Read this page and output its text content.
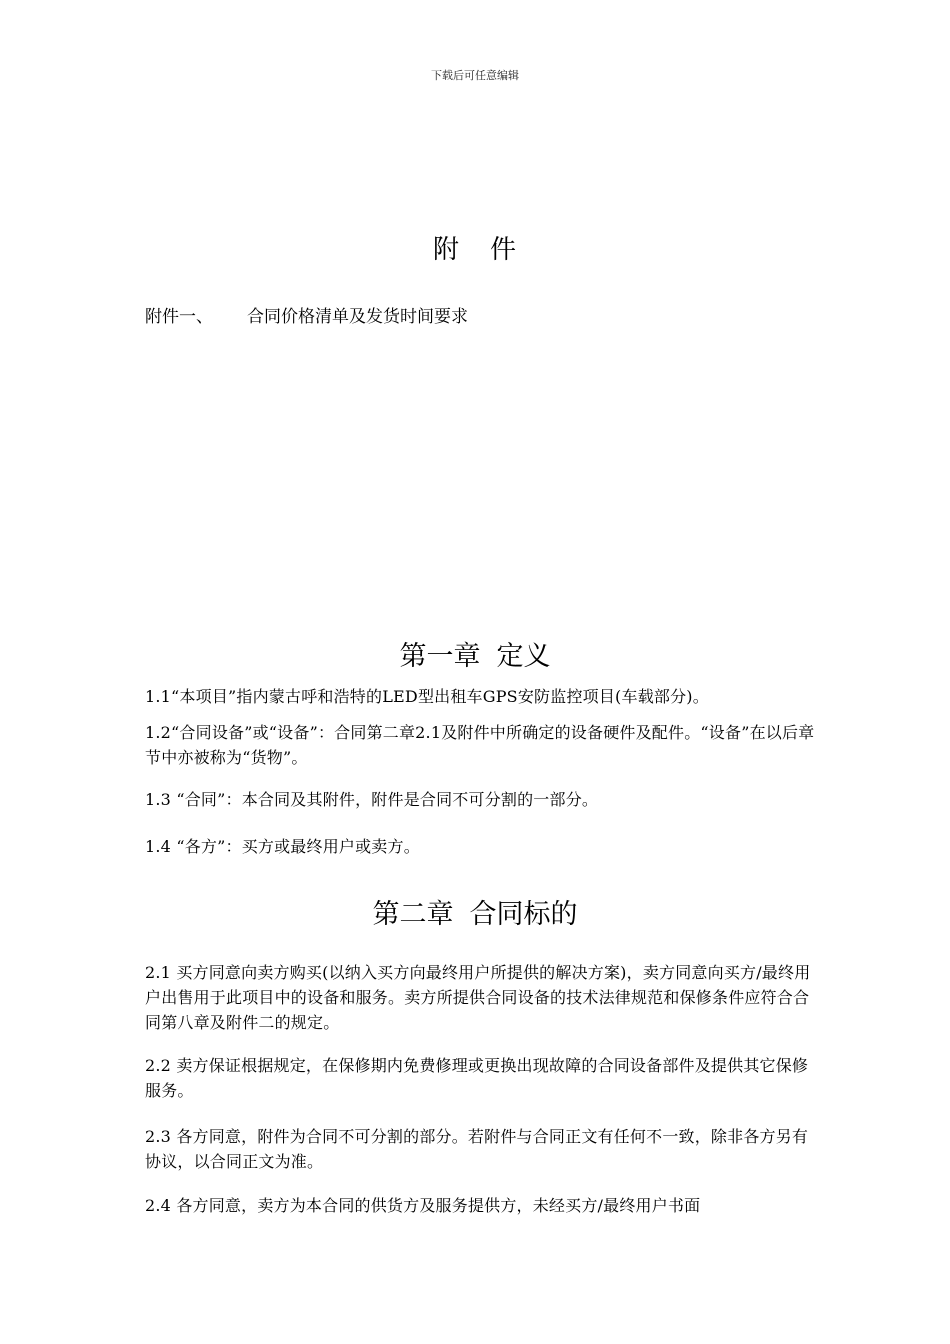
下载后可任意编辑
附 件
附件一、 合同价格清单及发货时间要求
第一章 定义
1.1“本项目”指内蒙古呼和浩特的LED型出租车GPS安防监控项目(车载部分)。
1.2“合同设备”或“设备”：合同第二章2.1及附件中所确定的设备硬件及配件。“设备”在以后章节中亦被称为“货物”。
1.3 “合同”：本合同及其附件，附件是合同不可分割的一部分。
1.4 “各方”：买方或最终用户或卖方。
第二章 合同标的
2.1 买方同意向卖方购买(以纳入买方向最终用户所提供的解决方案)，卖方同意向买方/最终用户出售用于此项目中的设备和服务。卖方所提供合同设备的技术法律规范和保修条件应符合合同第八章及附件二的规定。
2.2 卖方保证根据规定，在保修期内免费修理或更换出现故障的合同设备部件及提供其它保修服务。
2.3 各方同意，附件为合同不可分割的部分。若附件与合同正文有任何不一致，除非各方另有协议，以合同正文为准。
2.4 各方同意，卖方为本合同的供货方及服务提供方，未经买方/最终用户书面
